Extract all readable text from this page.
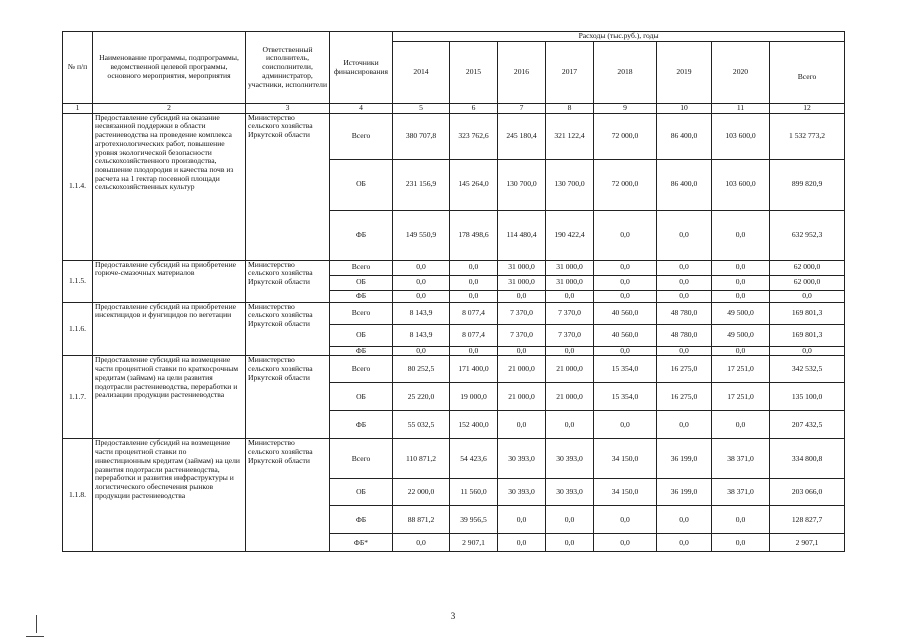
№ п/п	Наименование программы, подпрограммы, ведомственной целевой программы, основного мероприятия, мероприятия	Ответственный исполнитель, соисполнители, администратор, участники, исполнители	Источники финансирования	Расходы (тыс.руб.), годы							
				2014	2015	2016	2017	2018	2019	2020	Всего
1	2	3	4	5	6	7	8	9	10	11	12
1.1.4.	Предоставление субсидий на оказание несвязанной поддержки в области растениеводства на проведение комплекса агротехнологических работ, повышение уровня экологической безопасности сельскохозяйственного производства, повышение плодородия и качества почв из расчета на 1 гектар посевной площади сельскохозяйственных культур	Министерство сельского хозяйства Иркутской области	Всего	380 707,8	323 762,6	245 180,4	321 122,4	72 000,0	86 400,0	103 600,0	1 532 773,2
			ОБ	231 156,9	145 264,0	130 700,0	130 700,0	72 000,0	86 400,0	103 600,0	899 820,9
			ФБ	149 550,9	178 498,6	114 480,4	190 422,4	0,0	0,0	0,0	632 952,3
1.1.5.	Предоставление субсидий на приобретение горюче-смазочных материалов	Министерство сельского хозяйства Иркутской области	Всего	0,0	0,0	31 000,0	31 000,0	0,0	0,0	0,0	62 000,0
			ОБ	0,0	0,0	31 000,0	31 000,0	0,0	0,0	0,0	62 000,0
			ФБ	0,0	0,0	0,0	0,0	0,0	0,0	0,0	0,0
1.1.6.	Предоставление субсидий на приобретение инсектицидов и фунгицидов по вегетации	Министерство сельского хозяйства Иркутской области	Всего	8 143,9	8 077,4	7 370,0	7 370,0	40 560,0	48 780,0	49 500,0	169 801,3
			ОБ	8 143,9	8 077,4	7 370,0	7 370,0	40 560,0	48 780,0	49 500,0	169 801,3
			ФБ	0,0	0,0	0,0	0,0	0,0	0,0	0,0	0,0
1.1.7.	Предоставление субсидий на возмещение части процентной ставки по краткосрочным кредитам (займам) на цели развития подотрасли растениеводства, переработки и реализации продукции растениеводства	Министерство сельского хозяйства Иркутской области	Всего	80 252,5	171 400,0	21 000,0	21 000,0	15 354,0	16 275,0	17 251,0	342 532,5
			ОБ	25 220,0	19 000,0	21 000,0	21 000,0	15 354,0	16 275,0	17 251,0	135 100,0
			ФБ	55 032,5	152 400,0	0,0	0,0	0,0	0,0	0,0	207 432,5
1.1.8.	Предоставление субсидий на возмещение части процентной ставки по инвестиционным кредитам (займам) на цели развития подотрасли растениеводства, переработки и развития инфраструктуры и логистического обеспечения рынков продукции растениеводства	Министерство сельского хозяйства Иркутской области	Всего	110 871,2	54 423,6	30 393,0	30 393,0	34 150,0	36 199,0	38 371,0	334 800,8
			ОБ	22 000,0	11 560,0	30 393,0	30 393,0	34 150,0	36 199,0	38 371,0	203 066,0
			ФБ	88 871,2	39 956,5	0,0	0,0	0,0	0,0	0,0	128 827,7
			ФБ*	0,0	2 907,1	0,0	0,0	0,0	0,0	0,0	2 907,1
3
